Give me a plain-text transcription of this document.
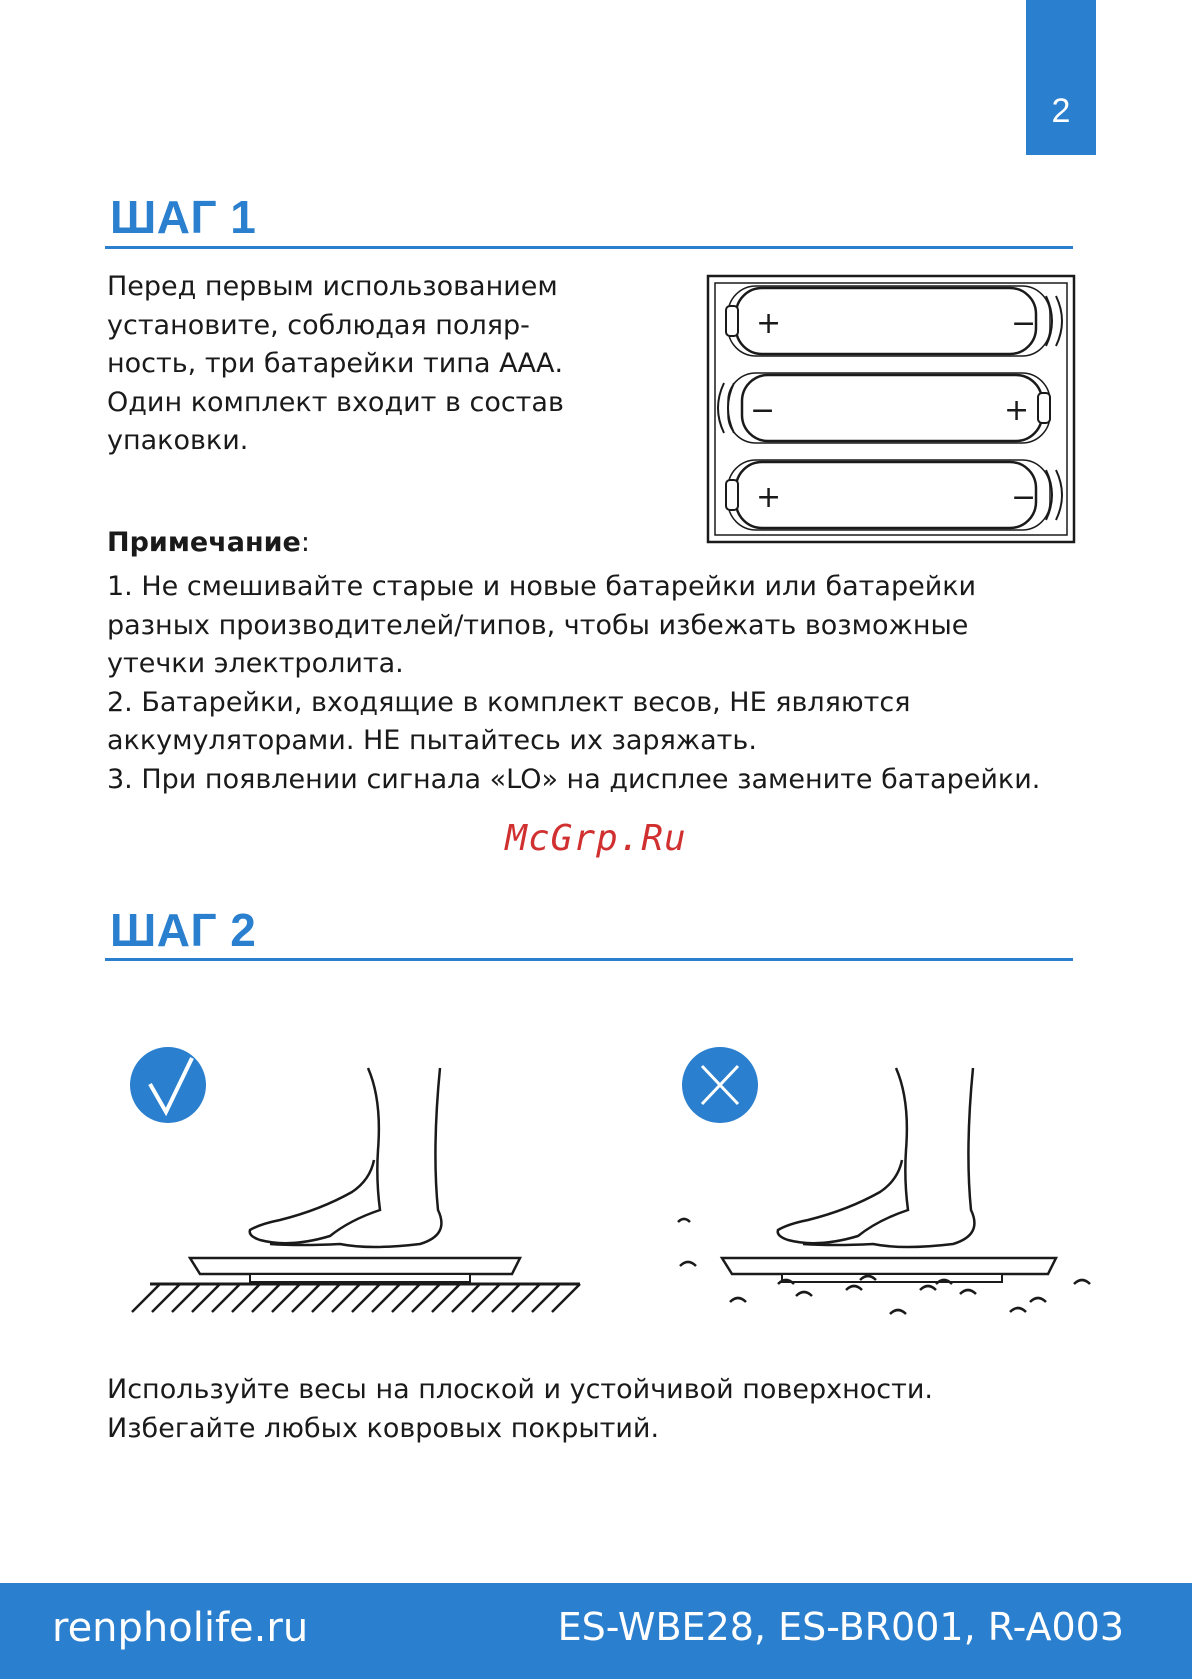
2
ШАГ 1
Перед первым использованием
установите, соблюдая поляр-
ность, три батарейки типа ААА.
Один комплект входит в состав
упаковки.
+	−
−	+
+	−

Примечание:

1. Не смешивайте старые и новые батарейки или батарейки
разных производителей/типов, чтобы избежать возможные
утечки электролита.
2. Батарейки, входящие в комплект весов, НЕ являются
аккумуляторами. НЕ пытайтесь их заряжать.
3. При появлении сигнала «LO» на дисплее замените батарейки.
McGrp.Ru
ШАГ 2
Используйте весы на плоской и устойчивой поверхности.
Избегайте любых ковровых покрытий.
renpholife.ru	ES-WBE28, ES-BR001, R-A003
